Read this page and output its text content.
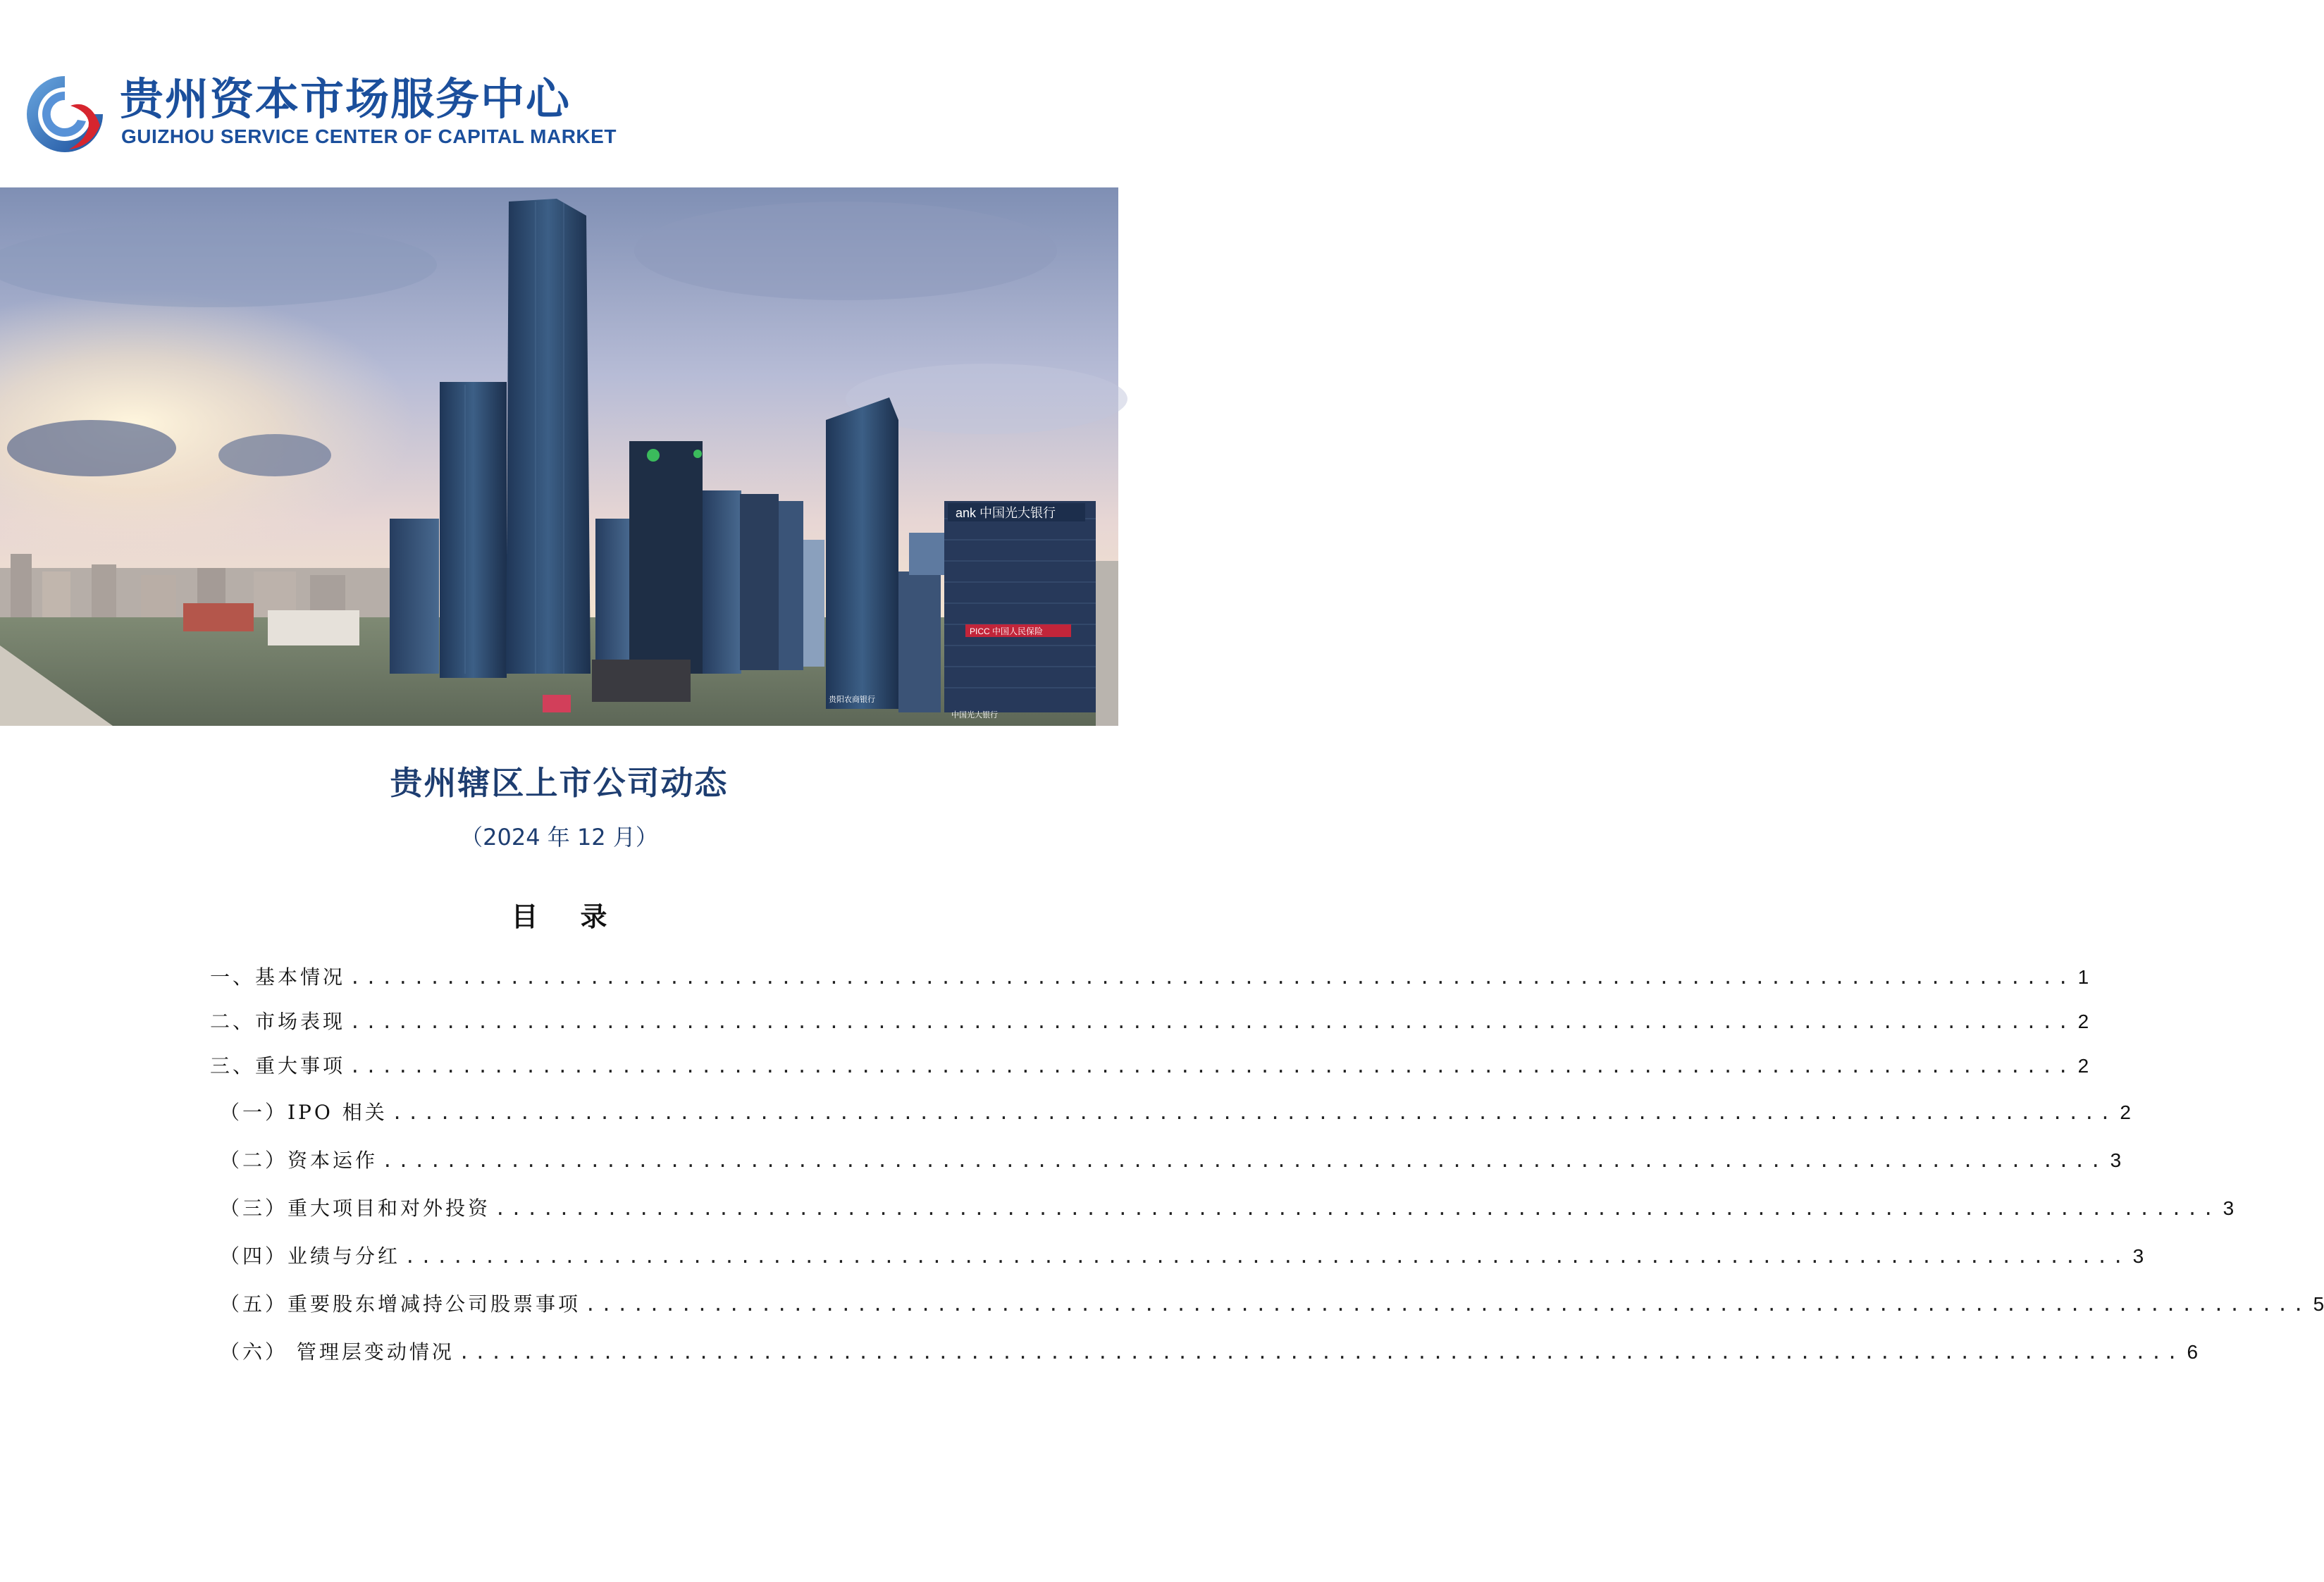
贵州资本市场服务中心
GUIZHOU SERVICE CENTER OF CAPITAL MARKET
ank 中国光大银行
PICC 中国人民保险
中国光大银行
贵阳农商银行
贵州辖区上市公司动态
（2024 年 12 月）
目录
一、基本情况 ............................................................................................................ 1
二、市场表现 ............................................................................................................ 2
三、重大事项 ............................................................................................................ 2
（一）IPO 相关 ............................................................................................................ 2
（二）资本运作 ............................................................................................................ 3
（三）重大项目和对外投资 ............................................................................................................ 3
（四）业绩与分红 ............................................................................................................ 3
（五）重要股东增减持公司股票事项 ............................................................................................................ 5
（六） 管理层变动情况 ............................................................................................................ 6
